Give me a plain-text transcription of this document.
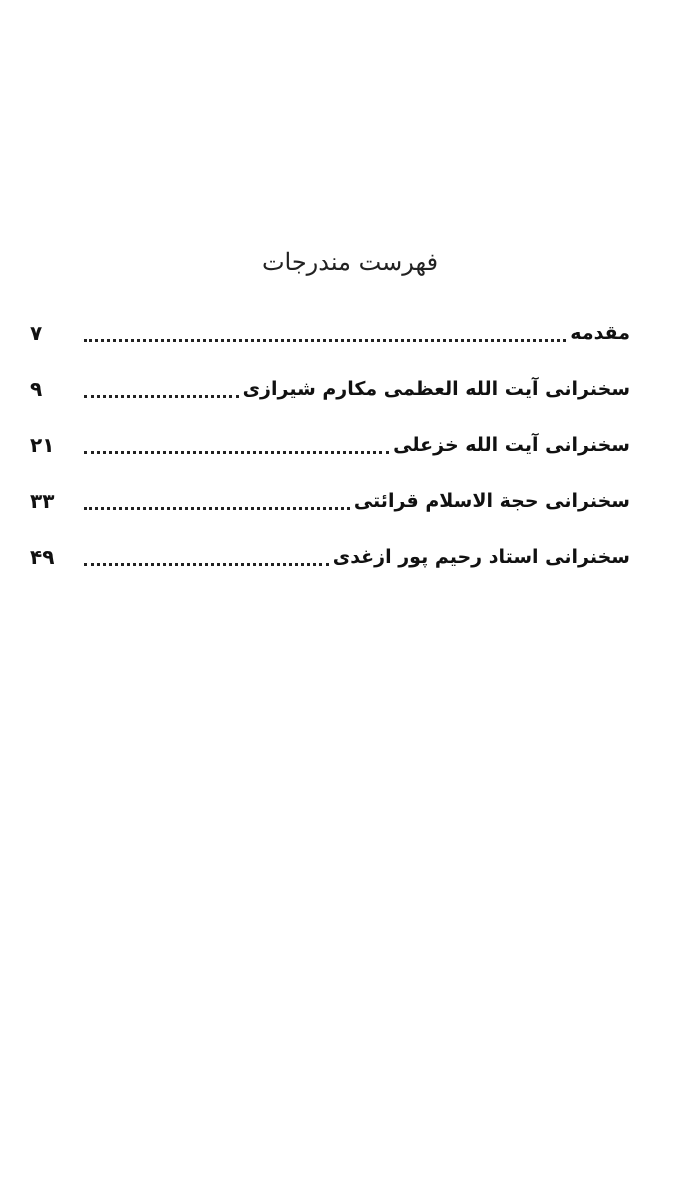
فهرست مندرجات
مقدمه
۷
سخنرانی آیت الله العظمی مکارم شیرازی
۹
سخنرانی آیت الله خزعلی
۲۱
سخنرانی حجة الاسلام قرائتی
۳۳
سخنرانی استاد رحیم پور ازغدی
۴۹
